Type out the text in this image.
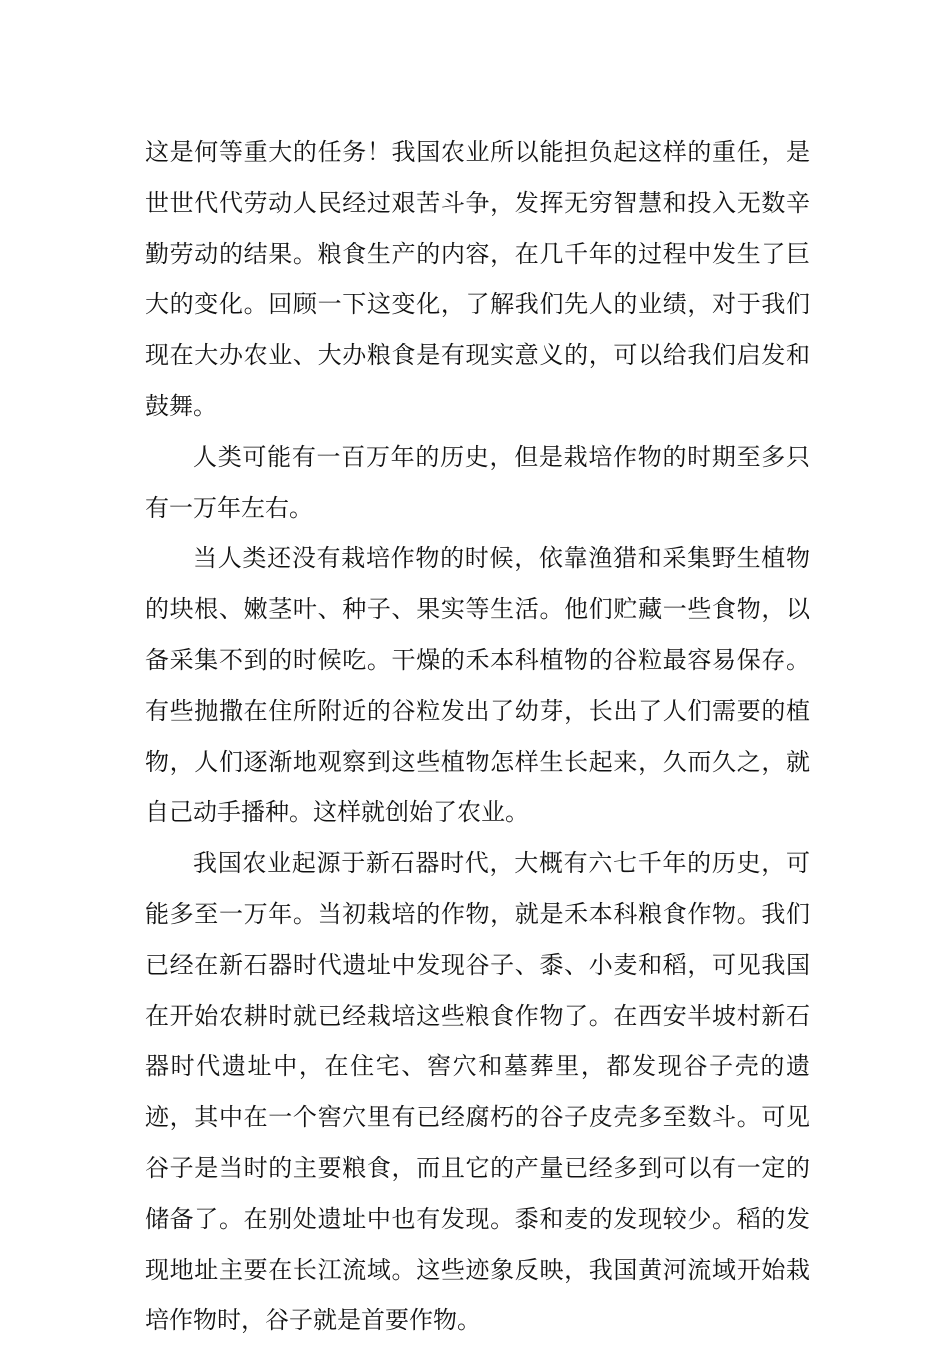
这是何等重大的任务！我国农业所以能担负起这样的重任，是世世代代劳动人民经过艰苦斗争，发挥无穷智慧和投入无数辛勤劳动的结果。粮食生产的内容，在几千年的过程中发生了巨大的变化。回顾一下这变化，了解我们先人的业绩，对于我们现在大办农业、大办粮食是有现实意义的，可以给我们启发和鼓舞。

人类可能有一百万年的历史，但是栽培作物的时期至多只有一万年左右。

当人类还没有栽培作物的时候，依靠渔猎和采集野生植物的块根、嫩茎叶、种子、果实等生活。他们贮藏一些食物，以备采集不到的时候吃。干燥的禾本科植物的谷粒最容易保存。有些抛撒在住所附近的谷粒发出了幼芽，长出了人们需要的植物，人们逐渐地观察到这些植物怎样生长起来，久而久之，就自己动手播种。这样就创始了农业。

我国农业起源于新石器时代，大概有六七千年的历史，可能多至一万年。当初栽培的作物，就是禾本科粮食作物。我们已经在新石器时代遗址中发现谷子、黍、小麦和稻，可见我国在开始农耕时就已经栽培这些粮食作物了。在西安半坡村新石器时代遗址中，在住宅、窖穴和墓葬里，都发现谷子壳的遗迹，其中在一个窖穴里有已经腐朽的谷子皮壳多至数斗。可见谷子是当时的主要粮食，而且它的产量已经多到可以有一定的储备了。在别处遗址中也有发现。黍和麦的发现较少。稻的发现地址主要在长江流域。这些迹象反映，我国黄河流域开始栽培作物时，谷子就是首要作物。
